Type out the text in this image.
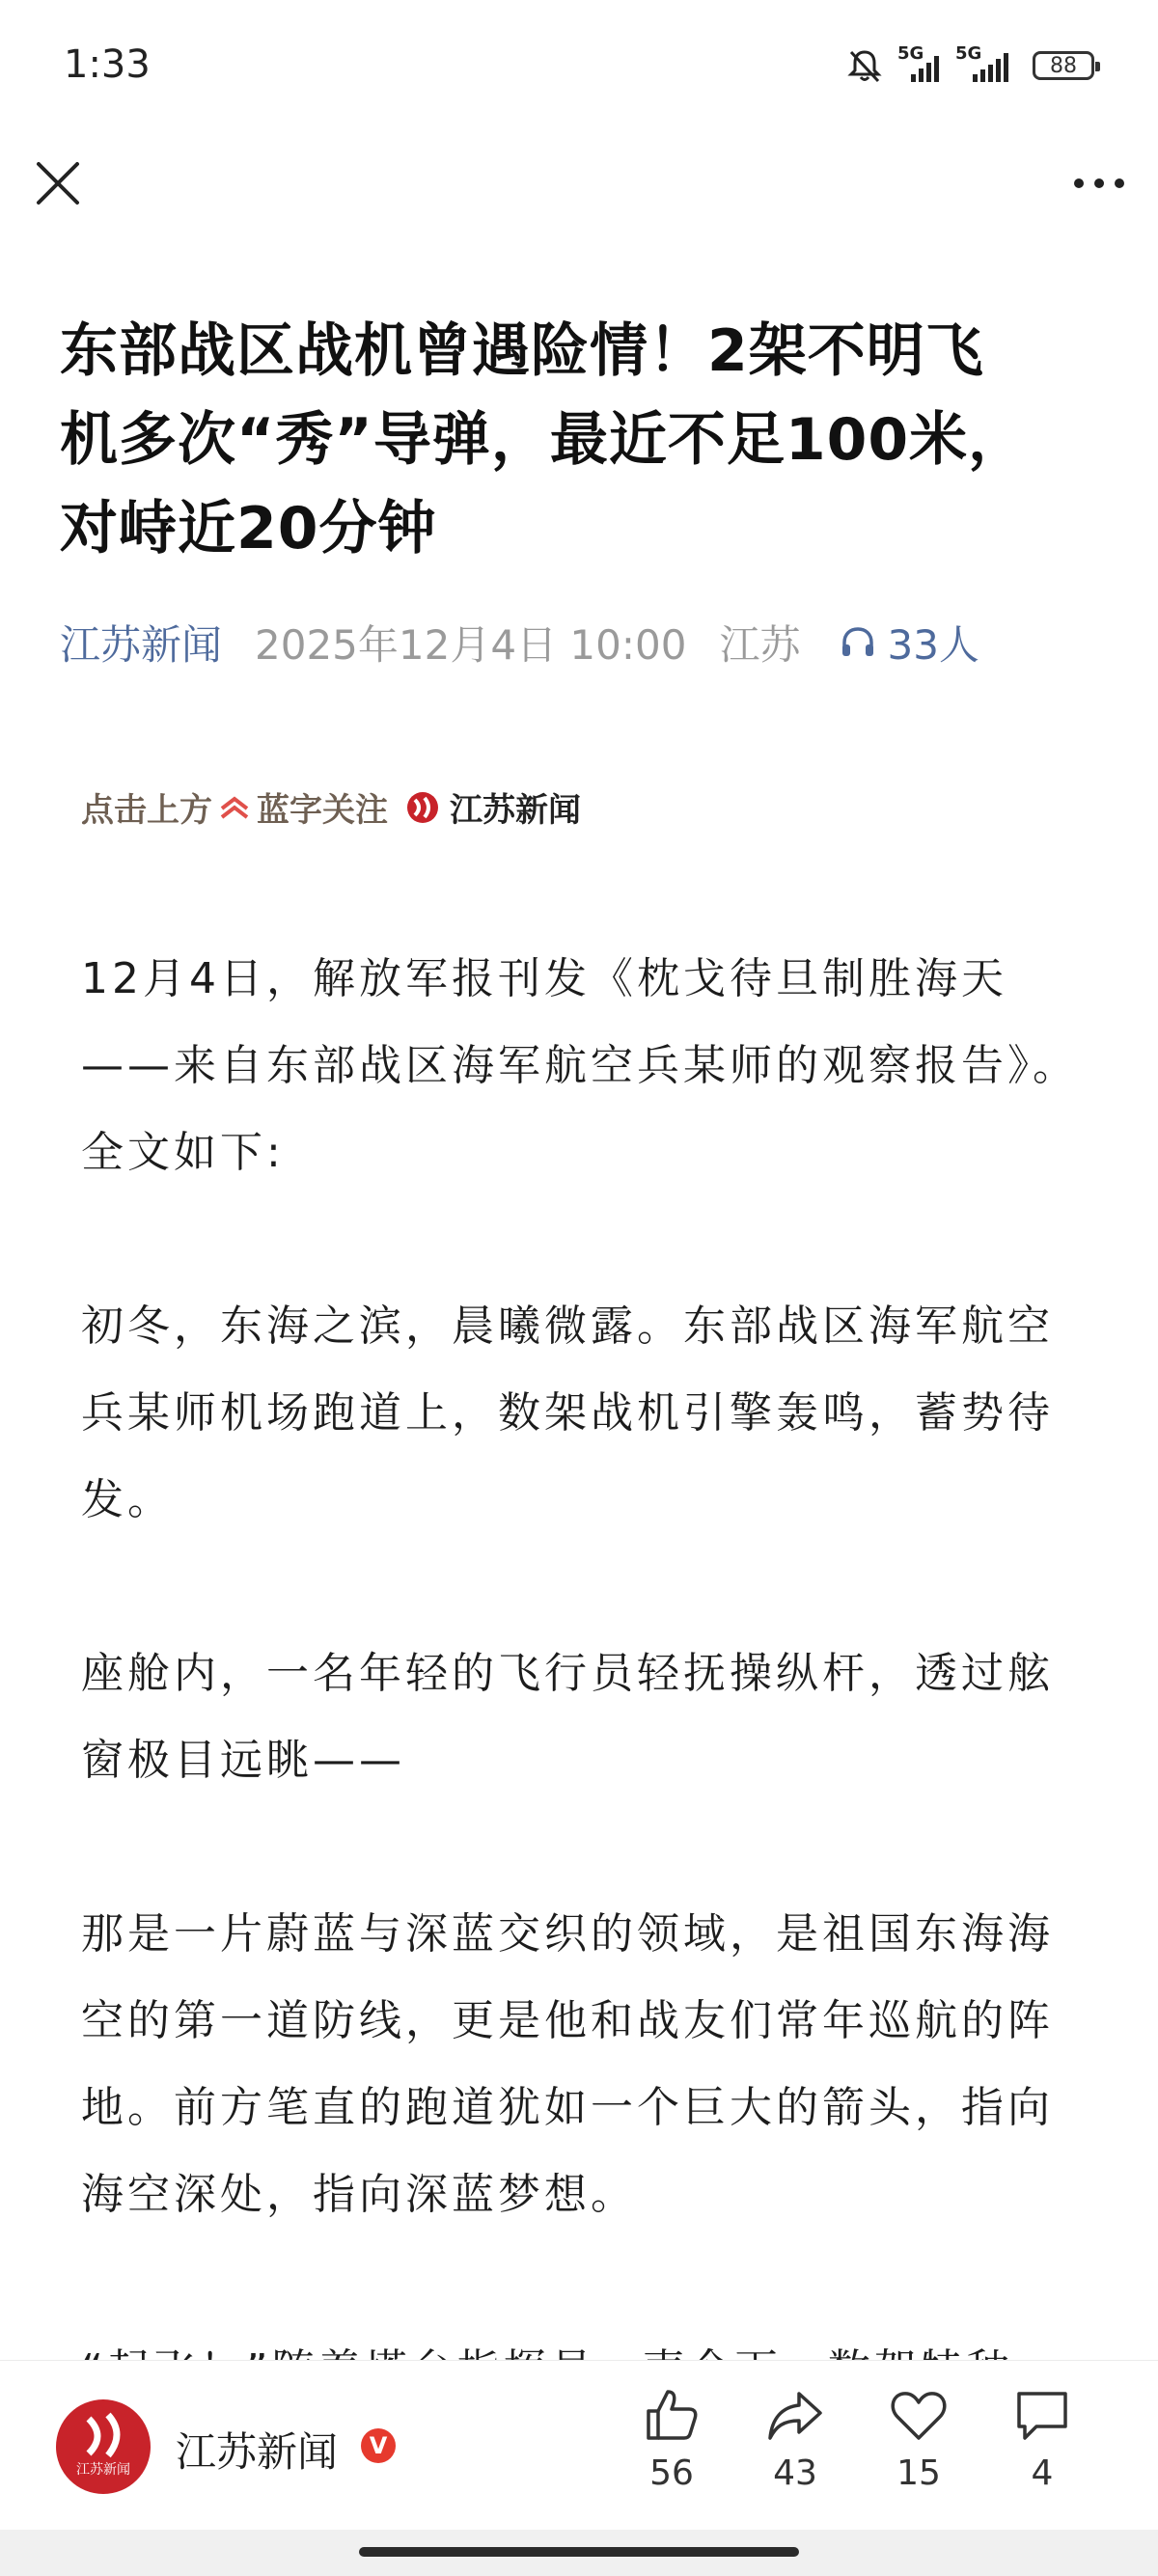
1:33	5G 5G	88
东部战区战机曾遇险情！2架不明飞
机多次“秀”导弹，最近不足100米，
对峙近20分钟
江苏新闻 2025年12月4日 10:00 江苏 33人
点击上方 蓝字关注 江苏新闻

12月4日，解放军报刊发《枕戈待旦制胜海天——来自东部战区海军航空兵某师的观察报告》。全文如下:

初冬，东海之滨，晨曦微露。东部战区海军航空兵某师机场跑道上，数架战机引擎轰鸣，蓄势待发。

座舱内，一名年轻的飞行员轻抚操纵杆，透过舷窗极目远眺——

那是一片蔚蓝与深蓝交织的领域，是祖国东海海空的第一道防线，更是他和战友们常年巡航的阵地。前方笔直的跑道犹如一个巨大的箭头，指向海空深处，指向深蓝梦想。

江苏新闻	江苏新闻	V
56	43	15	4
